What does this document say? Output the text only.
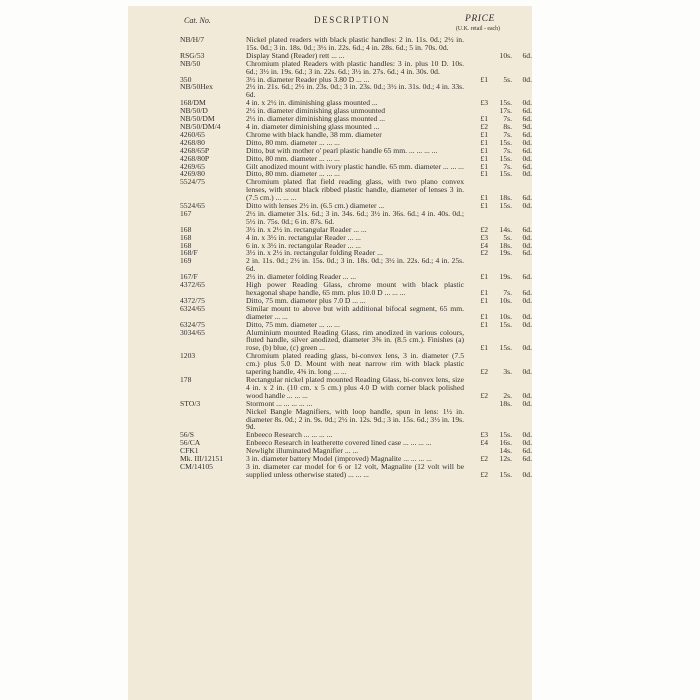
Cat. No.	DESCRIPTION	PRICE
(U.K. retail - each)
NB/H/7	Nickel plated readers with black plastic handles: 2 in. 11s. 0d.; 2½ in. 15s. 0d.; 3 in. 18s. 0d.; 3½ in. 22s. 6d.; 4 in. 28s. 6d.; 5 in. 70s. 0d.
RSG/53	Display Stand (Reader) rett ... ...	10s.	6d.
NB/50	Chromium plated Readers with plastic handles: 3 in. plus 10 D. 10s. 6d.; 3½ in. 19s. 6d.; 3 in. 22s. 6d.; 3½ in. 27s. 6d.; 4 in. 30s. 0d.
350	3½ in. diameter Reader plus 3.80 D ... ...	£1	5s.	0d.
NB/50Hex	2½ in. 21s. 6d.; 2½ in. 23s. 0d.; 3 in. 23s. 0d.; 3½ in. 31s. 0d.; 4 in. 33s. 6d.
168/DM	4 in. x 2½ in. diminishing glass mounted ...	£3	15s.	0d.
NB/50/D	2½ in. diameter diminishing glass unmounted	17s.	6d.
NB/50/DM	2½ in. diameter diminishing glass mounted ...	£1	7s.	6d.
NB/50/DM/4	4 in. diameter diminishing glass mounted ...	£2	8s.	9d.
4260/65	Chrome with black handle, 38 mm. diameter	£1	7s.	6d.
4268/80	Ditto, 80 mm. diameter ... ... ...	£1	15s.	0d.
4268/65P	Ditto, but with mother o' pearl plastic handle 65 mm. ... ... ... ...	£1	7s.	6d.
4268/80P	Ditto, 80 mm. diameter ... ... ...	£1	15s.	0d.
4269/65	Gilt anodized mount with ivory plastic handle. 65 mm. diameter ... ... ...	£1	7s.	6d.
4269/80	Ditto, 80 mm. diameter ... ... ...	£1	15s.	0d.
5524/75	Chromium plated flat field reading glass, with two plano convex lenses, with stout black ribbed plastic handle, diameter of lenses 3 in. (7.5 cm.) ... ... ...	£1	18s.	6d.
5524/65	Ditto with lenses 2½ in. (6.5 cm.) diameter ...	£1	15s.	0d.
167	2½ in. diameter 31s. 6d.; 3 in. 34s. 6d.; 3½ in. 36s. 6d.; 4 in. 40s. 0d.; 5½ in. 75s. 0d.; 6 in. 87s. 6d.
168	3½ in. x 2½ in. rectangular Reader ... ...	£2	14s.	6d.
168	4 in. x 3½ in. rectangular Reader ... ...	£3	5s.	0d.
168	6 in. x 3½ in. rectangular Reader ... ...	£4	18s.	0d.
168/F	3½ in. x 2½ in. rectangular folding Reader ...	£2	19s.	6d.
169	2 in. 11s. 0d.; 2½ in. 15s. 0d.; 3 in. 18s. 0d.; 3½ in. 22s. 6d.; 4 in. 25s. 6d.
167/F	2½ in. diameter folding Reader ... ...	£1	19s.	6d.
4372/65	High power Reading Glass, chrome mount with black plastic hexagonal shape handle, 65 mm. plus 10.0 D ... ... ...	£1	7s.	6d.
4372/75	Ditto, 75 mm. diameter plus 7.0 D ... ...	£1	10s.	0d.
6324/65	Similar mount to above but with additional bifocal segment, 65 mm. diameter ... ...	£1	10s.	0d.
6324/75	Ditto, 75 mm. diameter ... ... ...	£1	15s.	0d.
3034/65	Aluminium mounted Reading Glass, rim anodized in various colours, fluted handle, silver anodized, diameter 3⅜ in. (8.5 cm.). Finishes (a) rose, (b) blue, (c) green ...	£1	15s.	0d.
1203	Chromium plated reading glass, bi-convex lens, 3 in. diameter (7.5 cm.) plus 5.0 D. Mount with neat narrow rim with black plastic tapering handle, 4⅝ in. long ... ...	£2	3s.	0d.
178	Rectangular nickel plated mounted Reading Glass, bi-convex lens, size 4 in. x 2 in. (10 cm. x 5 cm.) plus 4.0 D with corner black polished wood handle ... ... ...	£2	2s.	0d.
STO/3	Stormont ... ... ... ... ...	18s.	0d.
Nickel Bangle Magnifiers, with loop handle, spun in lens: 1½ in. diameter 8s. 0d.; 2 in. 9s. 0d.; 2½ in. 12s. 9d.; 3 in. 15s. 6d.; 3½ in. 19s. 9d.
56/S	Enbeeco Research ... ... ... ...	£3	15s.	0d.
56/CA	Enbeeco Research in leatherette covered lined case ... ... ... ...	£4	16s.	0d.
CFK1	Newlight illuminated Magnifier ... ...	14s.	6d.
Mk. III/12151	3 in. diameter battery Model (improved) Magnalite ... ... ... ...	£2	12s.	6d.
CM/14105	3 in. diameter car model for 6 or 12 volt, Magnalite (12 volt will be supplied unless otherwise stated) ... ... ...	£2	15s.	0d.
